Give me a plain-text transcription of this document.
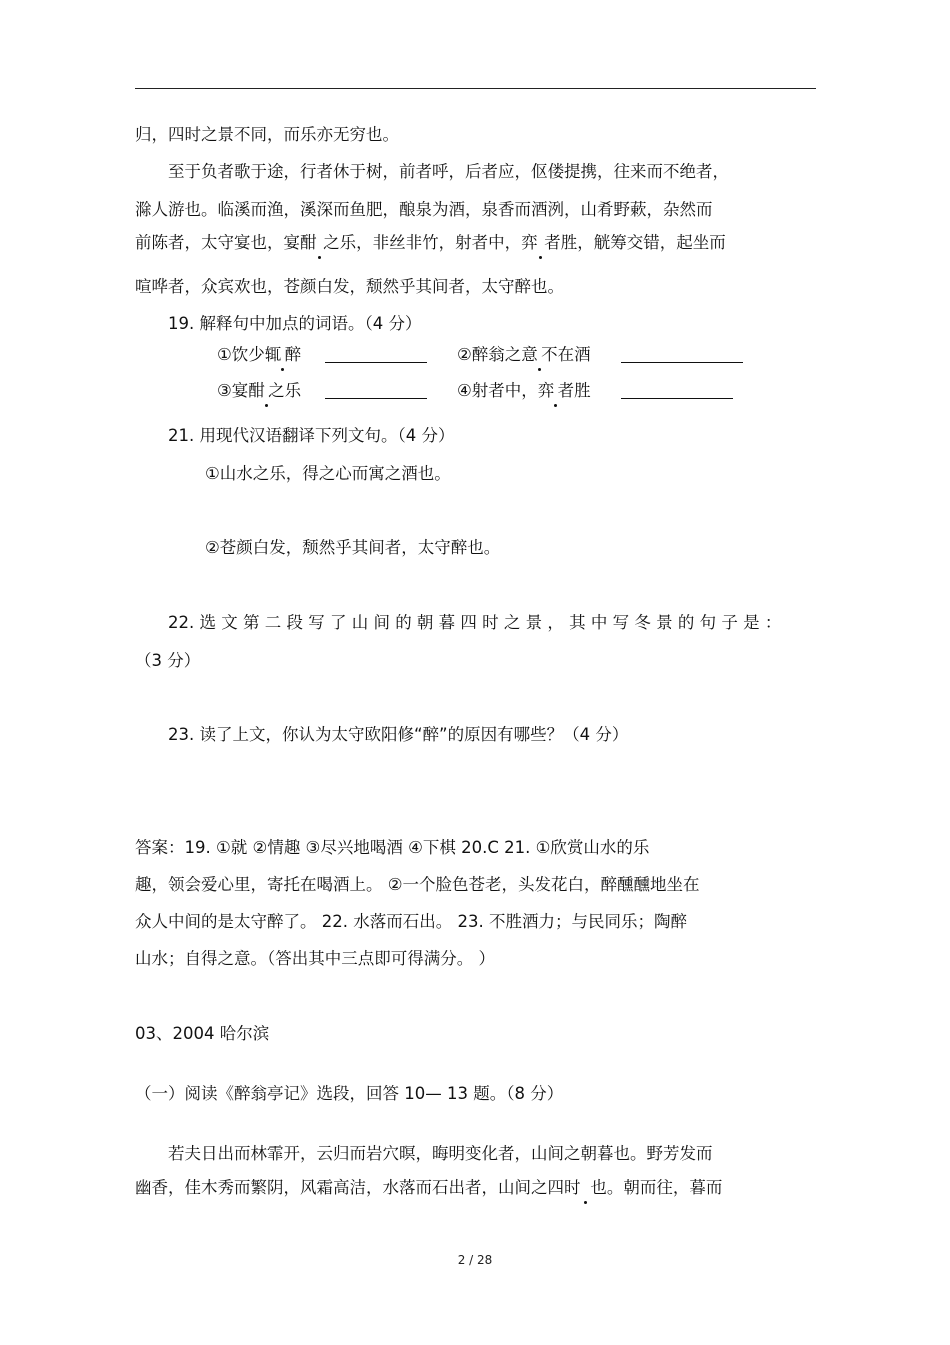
归，四时之景不同，而乐亦无穷也。
至于负者歌于途，行者休于树，前者呼，后者应，伛偻提携，往来而不绝者，
滁人游也。临溪而渔，溪深而鱼肥，酿泉为酒，泉香而酒洌，山肴野蔌，杂然而
前陈者，太守宴也，宴酣   之乐，非丝非竹，射者中，弈   者胜，觥筹交错，起坐而
喧哗者，众宾欢也，苍颜白发，颓然乎其间者，太守醉也。
19. 解释句中加点的词语。（4 分）
①饮少辄  醉	②醉翁之意  不在酒
③宴酣  之乐	④射者中，弈  者胜
21. 用现代汉语翻译下列文句。（4 分）
①山水之乐，得之心而寓之酒也。
②苍颜白发，颓然乎其间者，太守醉也。
22. 选 文 第 二 段 写 了 山 间 的 朝 暮 四 时 之 景 ， 其 中 写 冬 景 的 句 子 是 ：
（3 分）
23. 读了上文，你认为太守欧阳修“醉”的原因有哪些？（4 分）
答案：19. ①就 ②情趣 ③尽兴地喝酒 ④下棋 20.C 21. ①欣赏山水的乐
趣，领会爱心里，寄托在喝酒上。 ②一个脸色苍老，头发花白，醉醺醺地坐在
众人中间的是太守醉了。 22. 水落而石出。 23. 不胜酒力；与民同乐；陶醉
山水；自得之意。（答出其中三点即可得满分。 ）
03、2004 哈尔滨
（一）阅读《醉翁亭记》选段，回答 10— 13 题。（8 分）
若夫日出而林霏开，云归而岩穴暝，晦明变化者，山间之朝暮也。野芳发而
幽香，佳木秀而繁阴，风霜高洁，水落而石出者，山间之四时    也。朝而往，暮而
2 / 28
